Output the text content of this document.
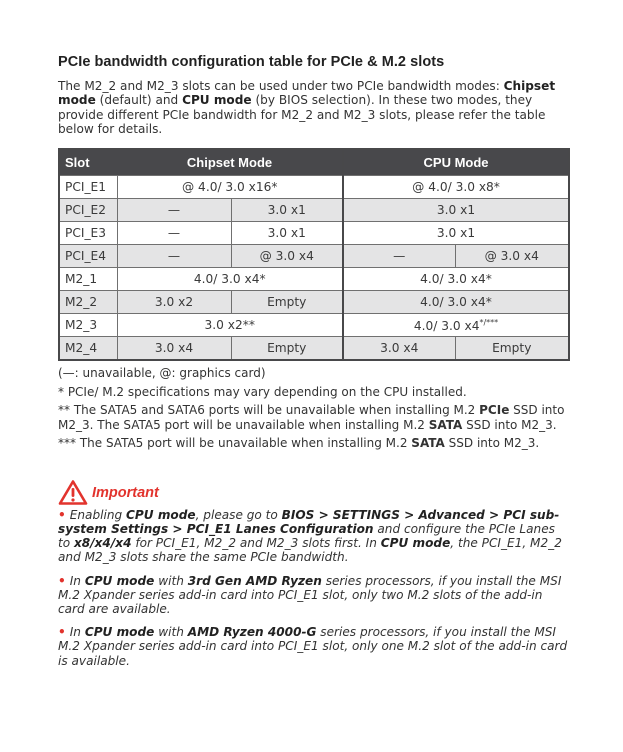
PCIe bandwidth configuration table for PCIe & M.2 slots

The M2_2 and M2_3 slots can be used under two PCIe bandwidth modes: Chipset mode (default) and CPU mode (by BIOS selection). In these two modes, they provide different PCIe bandwidth for M2_2 and M2_3 slots, please refer the table below for details.

Slot	Chipset Mode		CPU Mode	
PCI_E1	@ 4.0/ 3.0 x16*		@ 4.0/ 3.0 x8*	
PCI_E2	—	3.0 x1	3.0 x1	
PCI_E3	—	3.0 x1	3.0 x1	
PCI_E4	—	@ 3.0 x4	—	@ 3.0 x4
M2_1	4.0/ 3.0 x4*		4.0/ 3.0 x4*	
M2_2	3.0 x2	Empty	4.0/ 3.0 x4*	
M2_3	3.0 x2**		4.0/ 3.0 x4*/***
M2_4	3.0 x4	Empty	3.0 x4	Empty

(—: unavailable, @: graphics card)

* PCIe/ M.2 specifications may vary depending on the CPU installed.

** The SATA5 and SATA6 ports will be unavailable when installing M.2 PCIe SSD into M2_3. The SATA5 port will be unavailable when installing M.2 SATA SSD into M2_3.

*** The SATA5 port will be unavailable when installing M.2 SATA SSD into M2_3.

Important

• Enabling CPU mode, please go to BIOS > SETTINGS > Advanced > PCI sub-system Settings > PCI_E1 Lanes Configuration and configure the PCIe Lanes to x8/x4/x4 for PCI_E1, M2_2 and M2_3 slots first. In CPU mode, the PCI_E1, M2_2 and M2_3 slots share the same PCIe bandwidth.

• In CPU mode with 3rd Gen AMD Ryzen series processors, if you install the MSI M.2 Xpander series add-in card into PCI_E1 slot, only two M.2 slots of the add-in card are available.

• In CPU mode with AMD Ryzen 4000-G series processors, if you install the MSI M.2 Xpander series add-in card into PCI_E1 slot, only one M.2 slot of the add-in card is available.
